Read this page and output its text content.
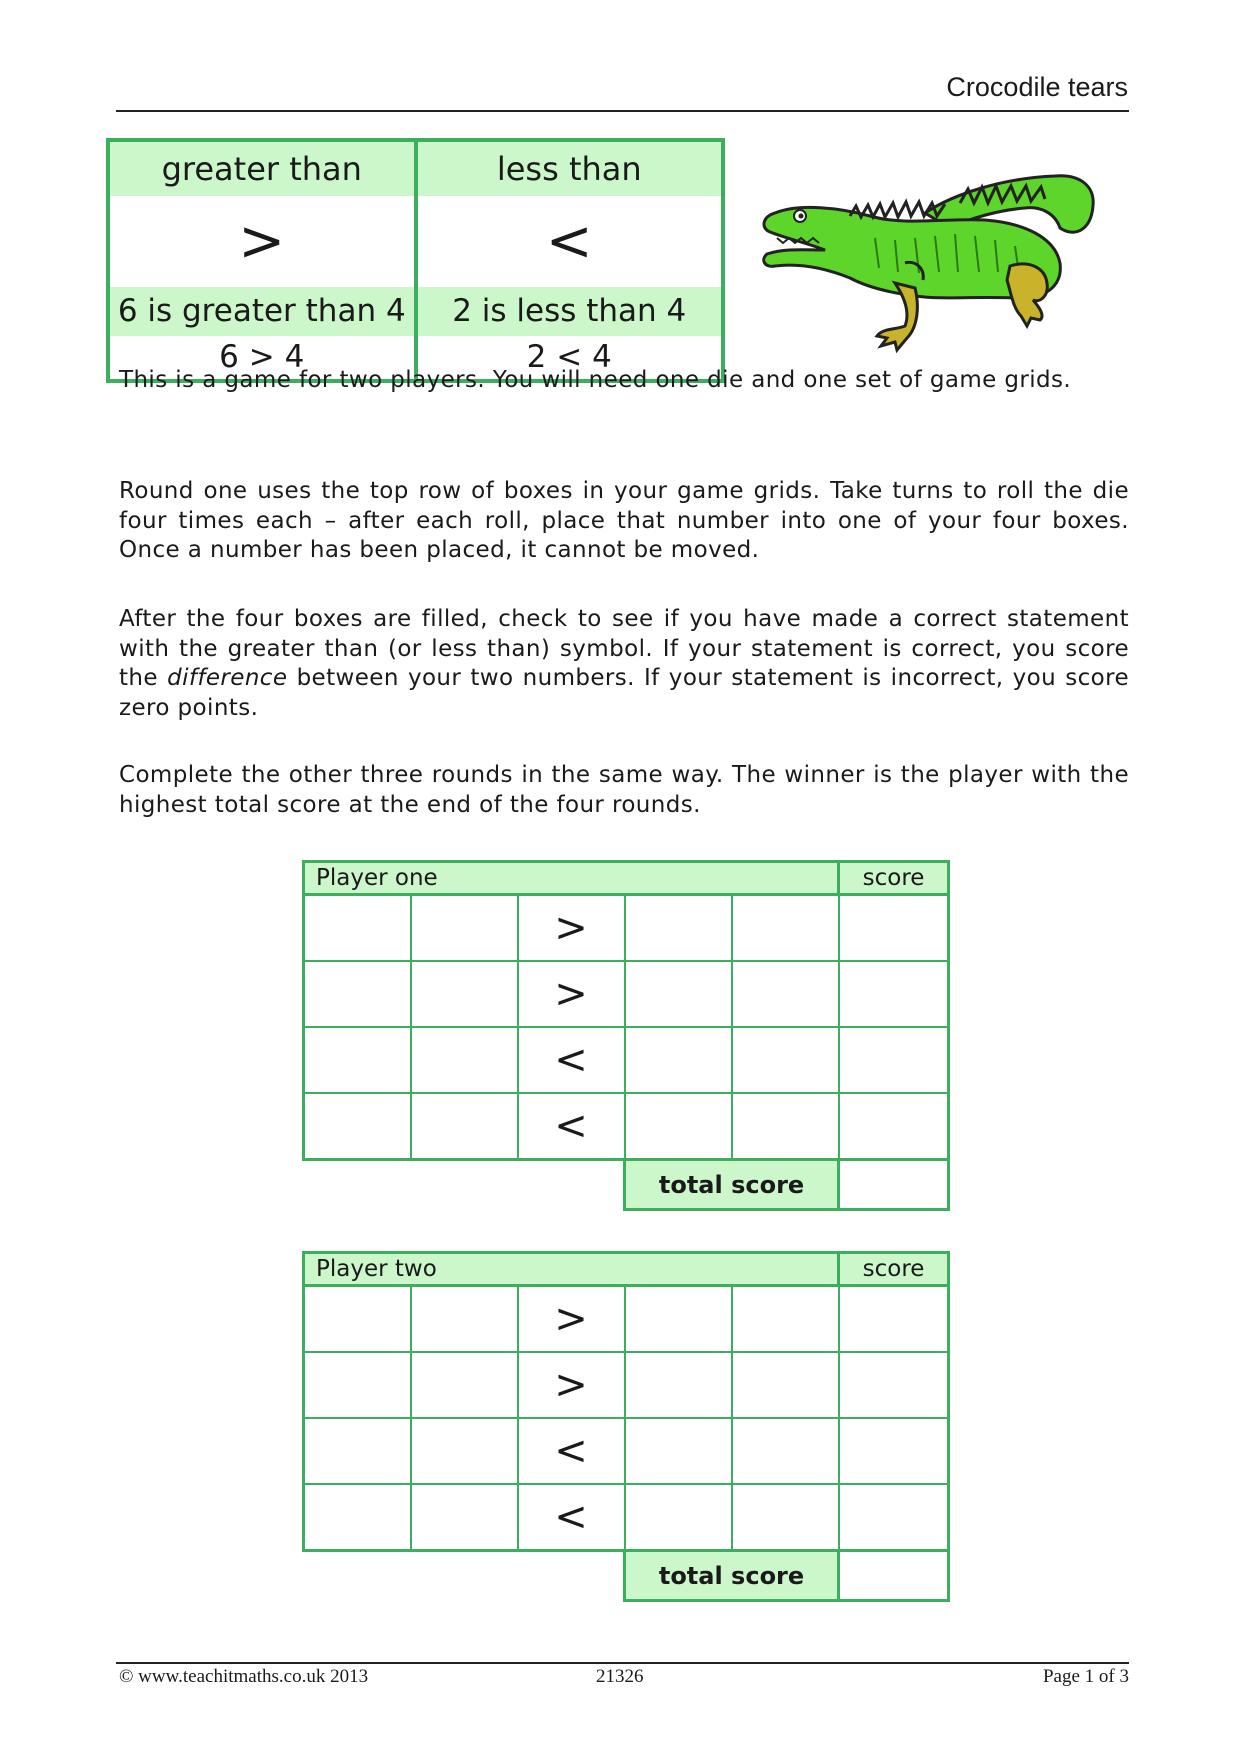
Crocodile tears
greater than	less than
>	<
6 is greater than 4	2 is less than 4
6 > 4	2 < 4

This is a game for two players. You will need one die and one set of game grids.

Round one uses the top row of boxes in your game grids. Take turns to roll the die four times each – after each roll, place that number into one of your four boxes. Once a number has been placed, it cannot be moved.

After the four boxes are filled, check to see if you have made a correct statement with the greater than (or less than) symbol. If your statement is correct, you score the difference between your two numbers. If your statement is incorrect, you score zero points.

Complete the other three rounds in the same way. The winner is the player with the highest total score at the end of the four rounds.

Player one					score
		>			
		>			
		<			
		<			
			total score		
Player two					score
		>			
		>			
		<			
		<			
			total score		
© www.teachitmaths.co.uk 2013	21326	Page 1 of 3
